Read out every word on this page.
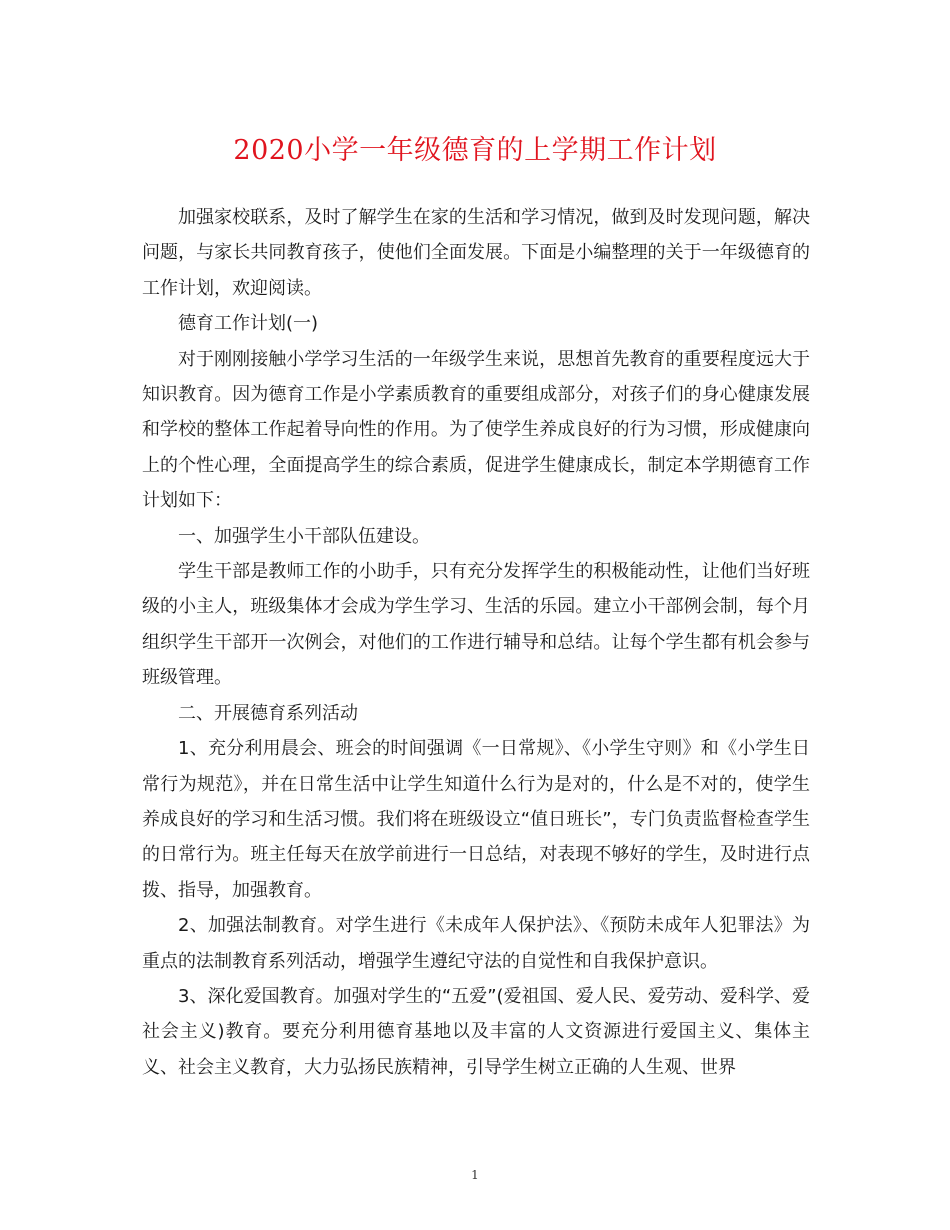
2020小学一年级德育的上学期工作计划

加强家校联系，及时了解学生在家的生活和学习情况，做到及时发现问题，解决问题，与家长共同教育孩子，使他们全面发展。下面是小编整理的关于一年级德育的工作计划，欢迎阅读。

德育工作计划(一)

对于刚刚接触小学学习生活的一年级学生来说，思想首先教育的重要程度远大于知识教育。因为德育工作是小学素质教育的重要组成部分，对孩子们的身心健康发展和学校的整体工作起着导向性的作用。为了使学生养成良好的行为习惯，形成健康向上的个性心理，全面提高学生的综合素质，促进学生健康成长，制定本学期德育工作计划如下：

一、加强学生小干部队伍建设。

学生干部是教师工作的小助手，只有充分发挥学生的积极能动性，让他们当好班级的小主人，班级集体才会成为学生学习、生活的乐园。建立小干部例会制，每个月组织学生干部开一次例会，对他们的工作进行辅导和总结。让每个学生都有机会参与班级管理。

二、开展德育系列活动

1、充分利用晨会、班会的时间强调《一日常规》、《小学生守则》和《小学生日常行为规范》，并在日常生活中让学生知道什么行为是对的，什么是不对的，使学生养成良好的学习和生活习惯。我们将在班级设立“值日班长”，专门负责监督检查学生的日常行为。班主任每天在放学前进行一日总结，对表现不够好的学生，及时进行点拨、指导，加强教育。

2、加强法制教育。对学生进行《未成年人保护法》、《预防未成年人犯罪法》为重点的法制教育系列活动，增强学生遵纪守法的自觉性和自我保护意识。

3、深化爱国教育。加强对学生的“五爱”(爱祖国、爱人民、爱劳动、爱科学、爱社会主义)教育。要充分利用德育基地以及丰富的人文资源进行爱国主义、集体主义、社会主义教育，大力弘扬民族精神，引导学生树立正确的人生观、世界

1
